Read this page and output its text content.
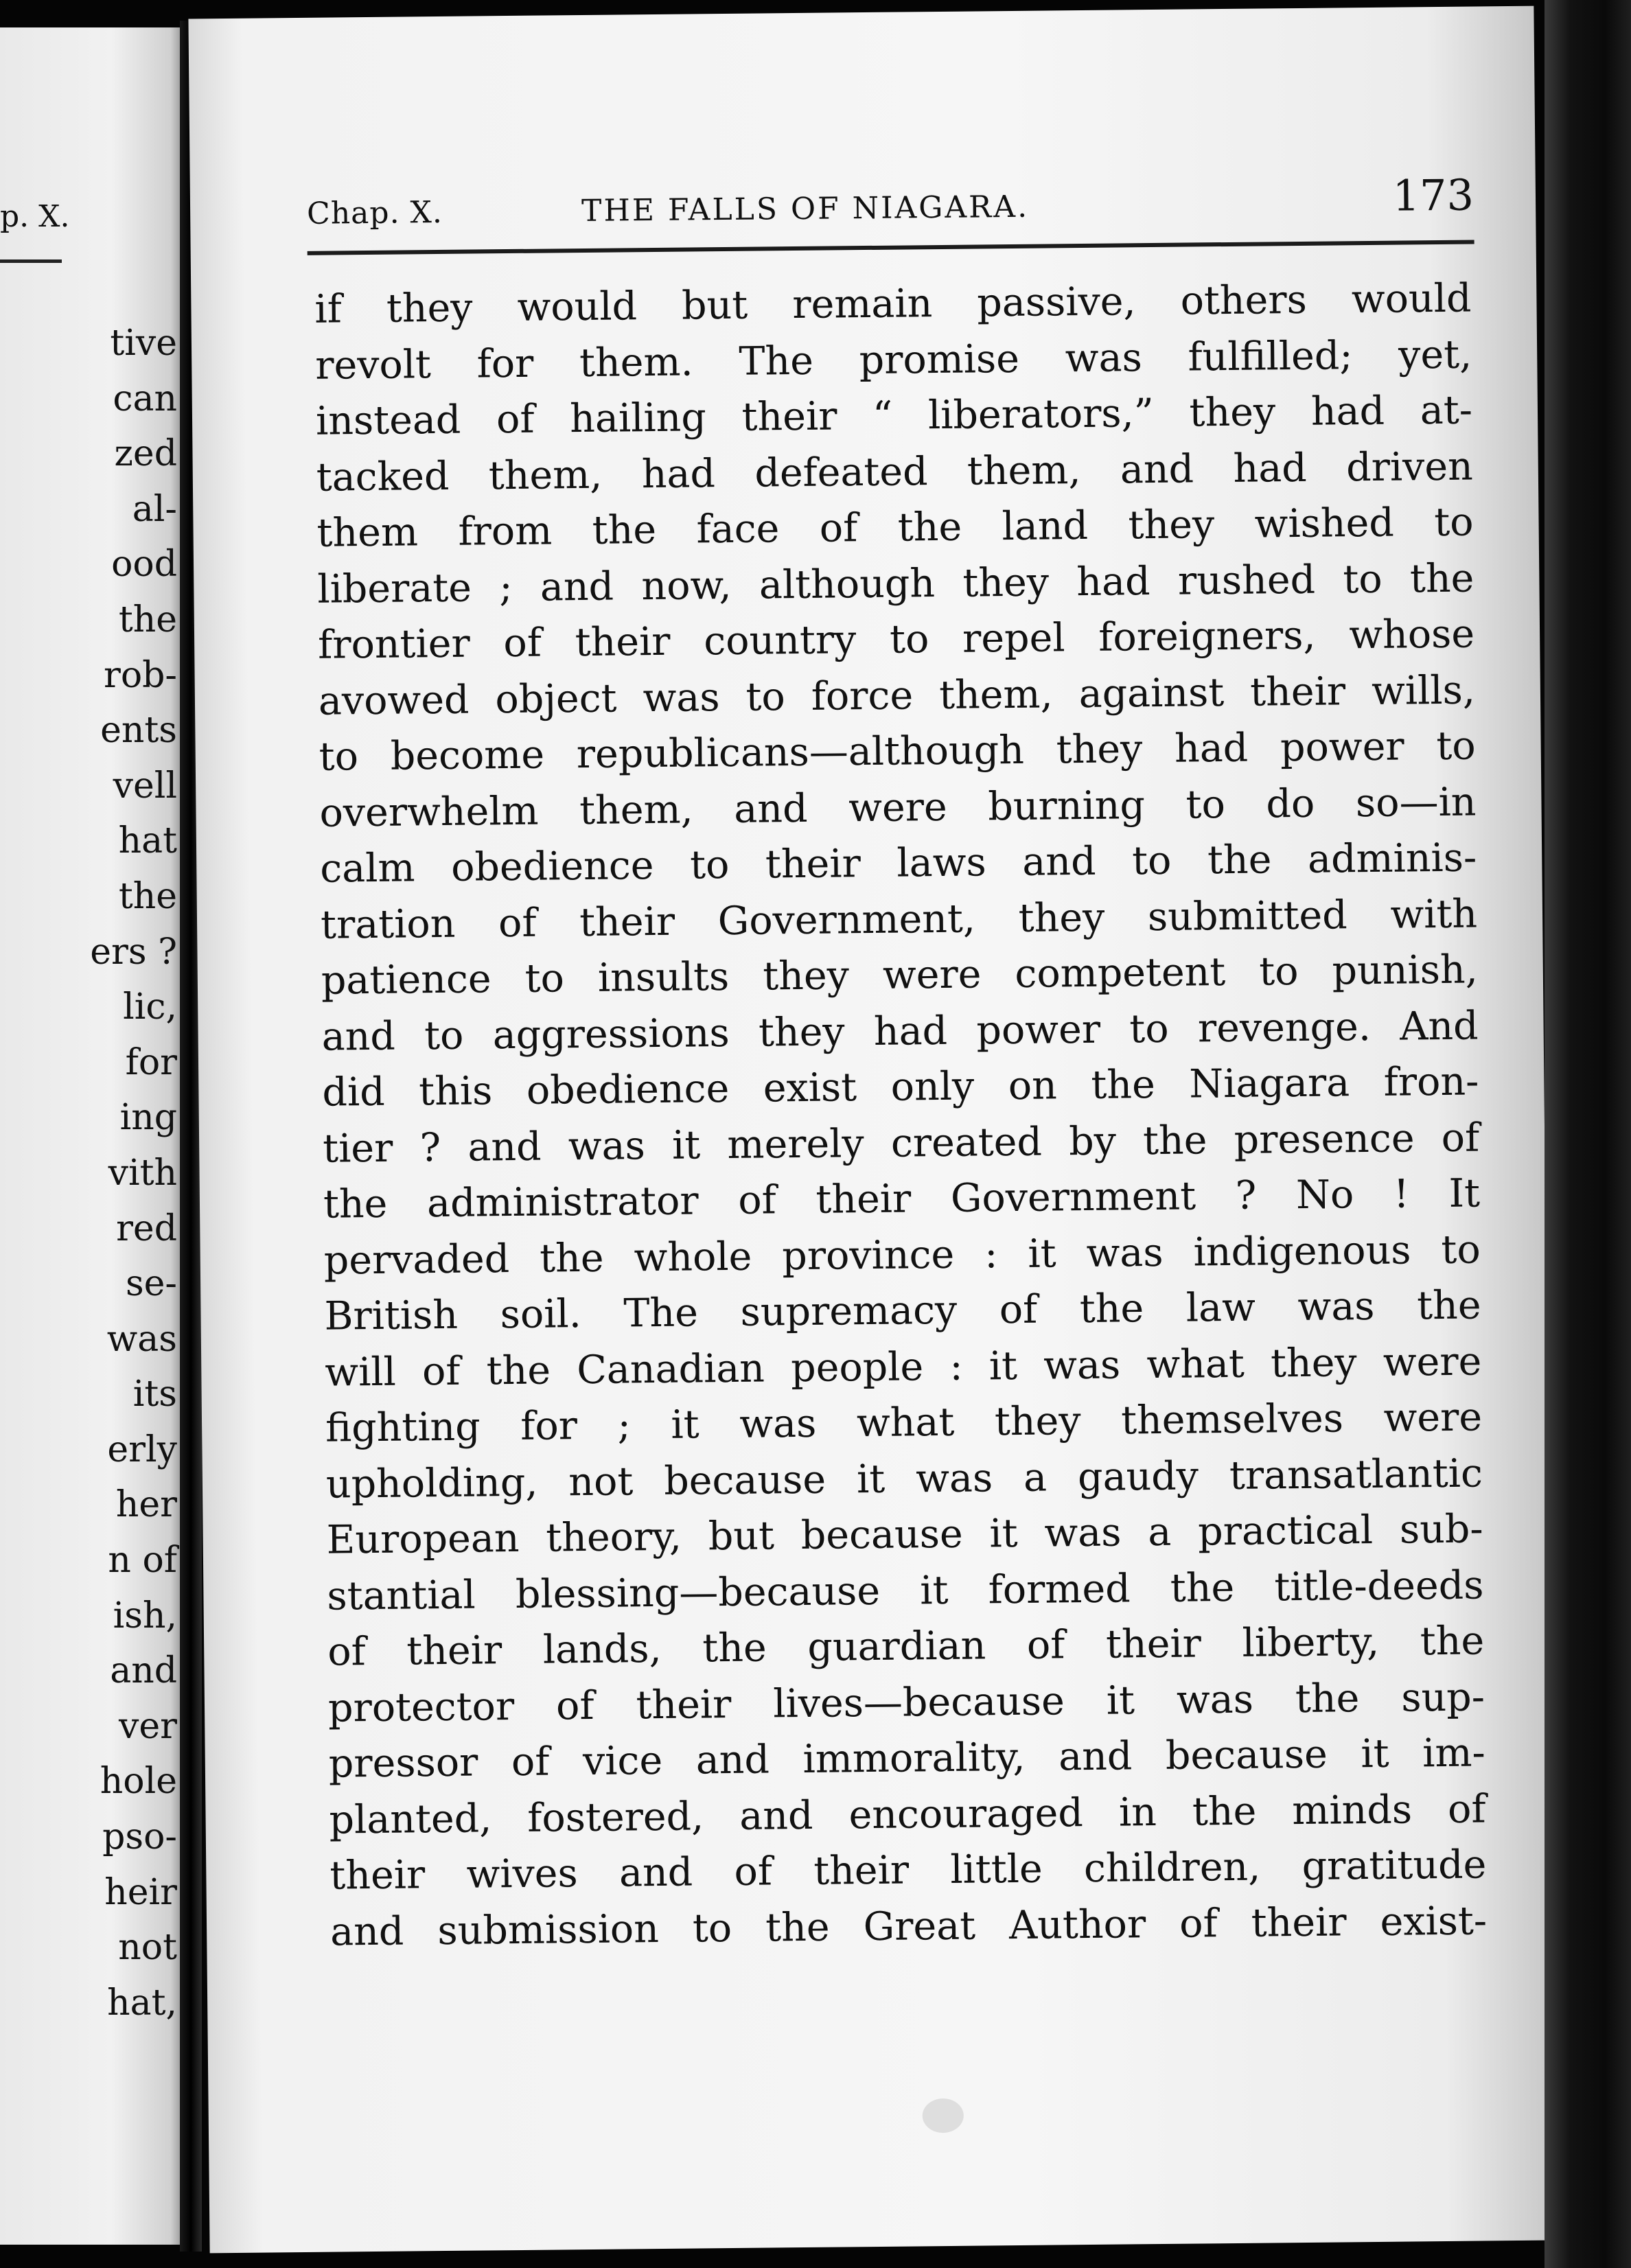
p. X.
tive
can
zed
al-
ood
the
rob-
ents
vell
hat
the
ers ?
lic,
for
ing
vith
red
se-
was
its
erly
her
n of
ish,
and
ver
hole
pso-
heir
not
hat,
Chap. X.	THE FALLS OF NIAGARA.	173
if they would but remain passive, others would
revolt for them. The promise was fulfilled; yet,
instead of hailing their “ liberators,” they had at-
tacked them, had defeated them, and had driven
them from the face of the land they wished to
liberate ; and now, although they had rushed to the
frontier of their country to repel foreigners, whose
avowed object was to force them, against their wills,
to become republicans—although they had power to
overwhelm them, and were burning to do so—in
calm obedience to their laws and to the adminis-
tration of their Government, they submitted with
patience to insults they were competent to punish,
and to aggressions they had power to revenge. And
did this obedience exist only on the Niagara fron-
tier ? and was it merely created by the presence of
the administrator of their Government ? No ! It
pervaded the whole province : it was indigenous to
British soil. The supremacy of the law was the
will of the Canadian people : it was what they were
fighting for ; it was what they themselves were
upholding, not because it was a gaudy transatlantic
European theory, but because it was a practical sub-
stantial blessing—because it formed the title-deeds
of their lands, the guardian of their liberty, the
protector of their lives—because it was the sup-
pressor of vice and immorality, and because it im-
planted, fostered, and encouraged in the minds of
their wives and of their little children, gratitude
and submission to the Great Author of their exist-
